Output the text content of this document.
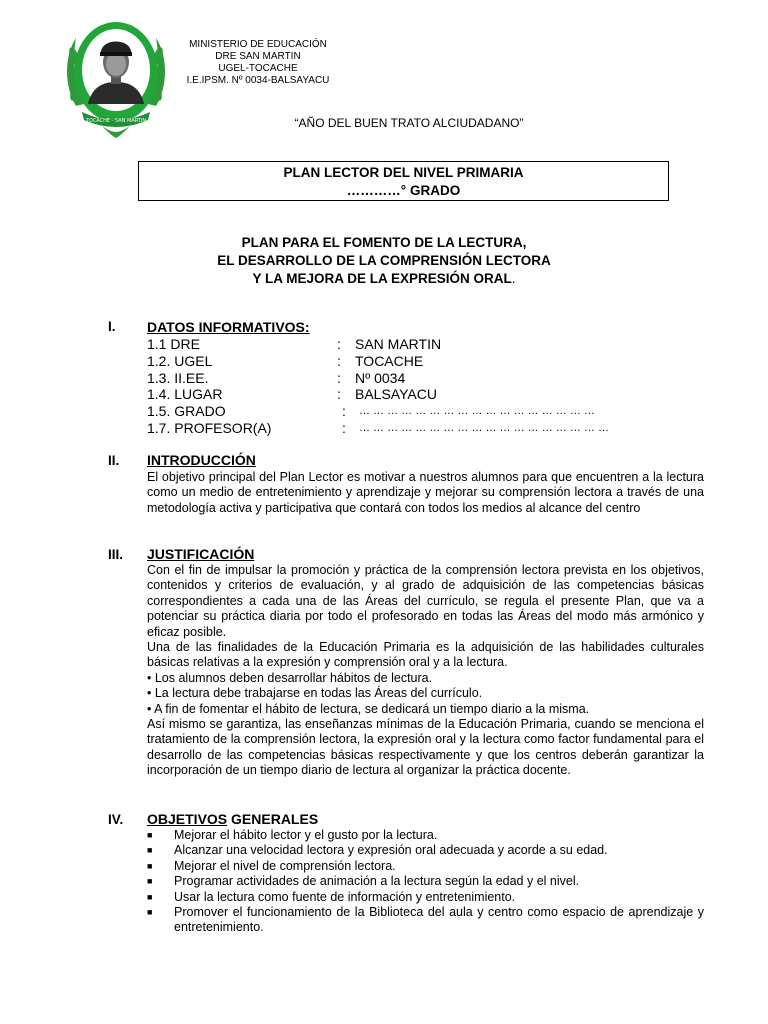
TOCACHE - SAN MARTIN
MINISTERIO DE EDUCACIÓN
DRE SAN MARTIN
UGEL-TOCACHE
I.E.IPSM. Nº 0034-BALSAYACU
“AÑO DEL BUEN TRATO ALCIUDADANO”
PLAN LECTOR DEL NIVEL PRIMARIA
…………° GRADO
PLAN PARA EL FOMENTO DE LA LECTURA,
EL DESARROLLO DE LA COMPRENSIÓN LECTORA
Y LA MEJORA DE LA EXPRESIÓN ORAL.
I. DATOS INFORMATIVOS:
1.1 DRE	:	SAN MARTIN
1.2. UGEL	:	TOCACHE
1.3. II.EE.	:	Nº 0034
1.4. LUGAR	:	BALSAYACU
1.5. GRADO	:	… … … … … … … … … … … … … … … … …
1.7. PROFESOR(A)	:	… … … … … … … … … … … … … … … … … …
II. INTRODUCCIÓN

El objetivo principal del Plan Lector es motivar a nuestros alumnos para que encuentren a la lectura como un medio de entretenimiento y aprendizaje y mejorar su comprensión lectora a través de una metodología activa y participativa que contará con todos los medios al alcance del centro

III. JUSTIFICACIÓN

Con el fin de impulsar la promoción y práctica de la comprensión lectora prevista en los objetivos, contenidos y criterios de evaluación, y al grado de adquisición de las competencias básicas correspondientes a cada una de las Áreas del currículo, se regula el presente Plan, que va a potenciar su práctica diaria por todo el profesorado en todas las Áreas del modo más armónico y eficaz posible.

Una de las finalidades de la Educación Primaria es la adquisición de las habilidades culturales básicas relativas a la expresión y comprensión oral y a la lectura.

• Los alumnos deben desarrollar hábitos de lectura.

• La lectura debe trabajarse en todas las Áreas del currículo.

• A fin de fomentar el hábito de lectura, se dedicará un tiempo diario a la misma.

Así mismo se garantiza, las enseñanzas mínimas de la Educación Primaria, cuando se menciona el tratamiento de la comprensión lectora, la expresión oral y la lectura como factor fundamental para el desarrollo de las competencias básicas respectivamente y que los centros deberán garantizar la incorporación de un tiempo diario de lectura al organizar la práctica docente.

IV. OBJETIVOS GENERALES
■	Mejorar el hábito lector y el gusto por la lectura.
■	Alcanzar una velocidad lectora y expresión oral adecuada y acorde a su edad.
■	Mejorar el nivel de comprensión lectora.
■	Programar actividades de animación a la lectura según la edad y el nivel.
■	Usar la lectura como fuente de información y entretenimiento.
■	Promover el funcionamiento de la Biblioteca del aula y centro como espacio de aprendizaje y entretenimiento.
